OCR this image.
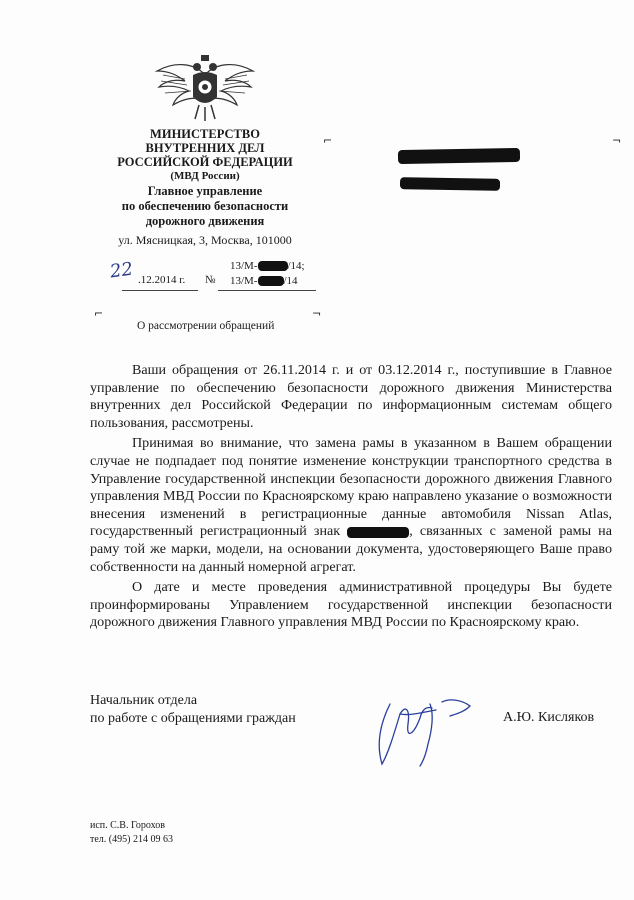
МИНИСТЕРСТВО
ВНУТРЕННИХ ДЕЛ
РОССИЙСКОЙ ФЕДЕРАЦИИ
(МВД России)
Главное управление
по обеспечению безопасности
дорожного движения
ул. Мясницкая, 3, Москва, 101000
⌐	¬
22 .12.2014 г. №
13/М-	/14;
13/М- /14
⌐	¬
О рассмотрении обращений

Ваши обращения от 26.11.2014 г. и от 03.12.2014 г., поступившие в Главное управление по обеспечению безопасности дорожного движения Министерства внутренних дел Российской Федерации по информационным системам общего пользования, рассмотрены.

Принимая во внимание, что замена рамы в указанном в Вашем обращении случае не подпадает под понятие изменение конструкции транспортного средства в Управление государственной инспекции безопасности дорожного движения Главного управления МВД России по Красноярскому краю направлено указание о возможности внесения изменений в регистрационные данные автомобиля Nissan Atlas, государственный регистрационный знак	, связанных с заменой рамы на раму той же марки, модели, на основании документа, удостоверяющего Ваше право собственности на данный номерной агрегат.

О дате и месте проведения административной процедуры Вы будете проинформированы Управлением государственной инспекции безопасности дорожного движения Главного управления МВД России по Красноярскому краю.

Начальник отдела
по работе с обращениями граждан	А.Ю. Кисляков
исп. С.В. Горохов
тел. (495) 214 09 63
